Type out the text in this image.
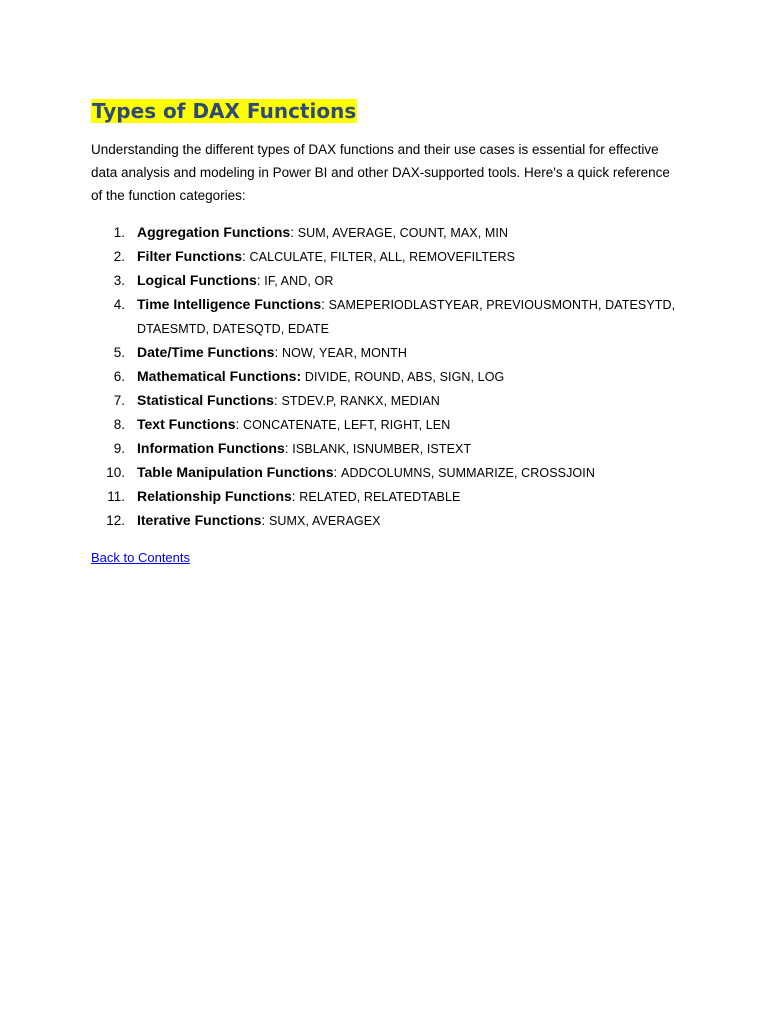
Types of DAX Functions

Understanding the different types of DAX functions and their use cases is essential for effective data analysis and modeling in Power BI and other DAX-supported tools. Here's a quick reference of the function categories:

1. Aggregation Functions: SUM, AVERAGE, COUNT, MAX, MIN
2. Filter Functions: CALCULATE, FILTER, ALL, REMOVEFILTERS
3. Logical Functions: IF, AND, OR
4. Time Intelligence Functions: SAMEPERIODLASTYEAR, PREVIOUSMONTH, DATESYTD, DTAESMTD, DATESQTD, EDATE
5. Date/Time Functions: NOW, YEAR, MONTH
6. Mathematical Functions: DIVIDE, ROUND, ABS, SIGN, LOG
7. Statistical Functions: STDEV.P, RANKX, MEDIAN
8. Text Functions: CONCATENATE, LEFT, RIGHT, LEN
9. Information Functions: ISBLANK, ISNUMBER, ISTEXT
10. Table Manipulation Functions: ADDCOLUMNS, SUMMARIZE, CROSSJOIN
11. Relationship Functions: RELATED, RELATEDTABLE
12. Iterative Functions: SUMX, AVERAGEX
Back to Contents
